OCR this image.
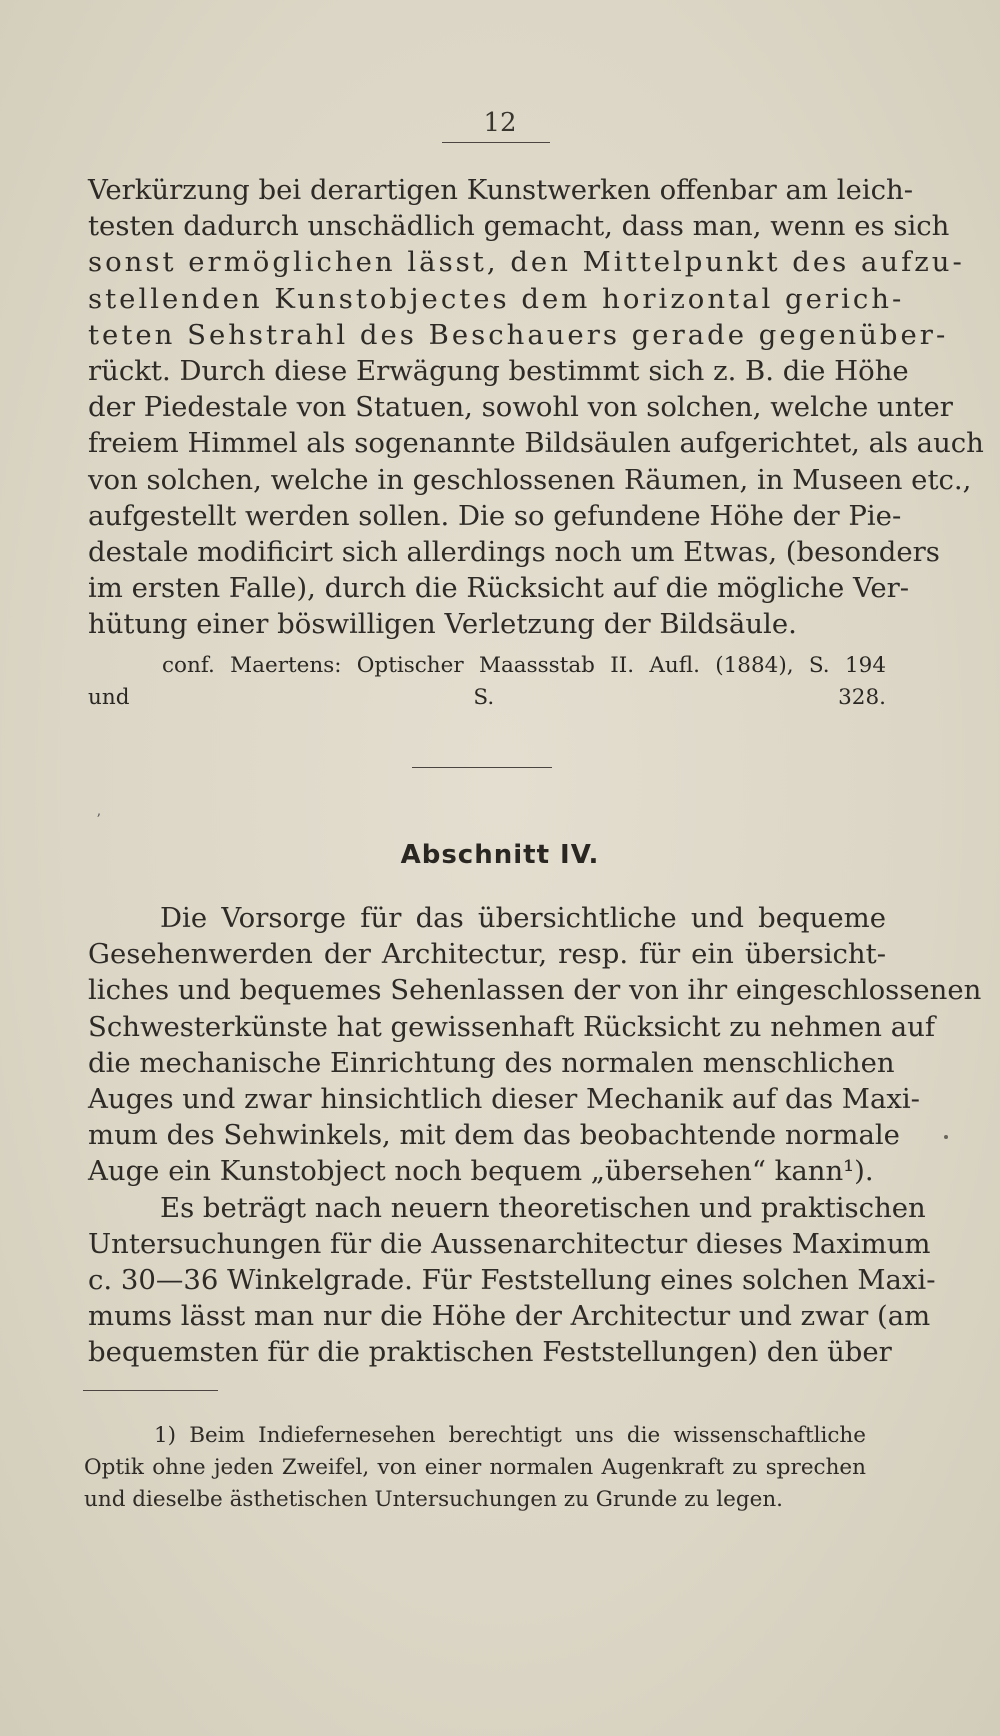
12
Verkürzung bei derartigen Kunstwerken offenbar am leich-
testen dadurch unschädlich gemacht, dass man, wenn es sich
sonst ermöglichen lässt, den Mittelpunkt des aufzu-
stellenden Kunstobjectes dem horizontal gerich-
teten Sehstrahl des Beschauers gerade gegenüber-
rückt. Durch diese Erwägung bestimmt sich z. B. die Höhe
der Piedestale von Statuen, sowohl von solchen, welche unter
freiem Himmel als sogenannte Bildsäulen aufgerichtet, als auch
von solchen, welche in geschlossenen Räumen, in Museen etc.,
aufgestellt werden sollen. Die so gefundene Höhe der Pie-
destale modificirt sich allerdings noch um Etwas, (besonders
im ersten Falle), durch die Rücksicht auf die mögliche Ver-
hütung einer böswilligen Verletzung der Bildsäule.
conf. Maertens: Optischer Maassstab II. Aufl. (1884), S. 194
und S. 328.
ʼ
Abschnitt IV.
Die Vorsorge für das übersichtliche und bequeme
Gesehenwerden der Architectur, resp. für ein übersicht-
liches und bequemes Sehenlassen der von ihr eingeschlossenen
Schwesterkünste hat gewissenhaft Rücksicht zu nehmen auf
die mechanische Einrichtung des normalen menschlichen
Auges und zwar hinsichtlich dieser Mechanik auf das Maxi-
mum des Sehwinkels, mit dem das beobachtende normale
Auge ein Kunstobject noch bequem „übersehen“ kann¹).
Es beträgt nach neuern theoretischen und praktischen
Untersuchungen für die Aussenarchitectur dieses Maximum
c. 30—36 Winkelgrade. Für Feststellung eines solchen Maxi-
mums lässt man nur die Höhe der Architectur und zwar (am
bequemsten für die praktischen Feststellungen) den über
1) Beim Indiefernesehen berechtigt uns die wissenschaftliche
Optik ohne jeden Zweifel, von einer normalen Augenkraft zu sprechen
und dieselbe ästhetischen Untersuchungen zu Grunde zu legen.
